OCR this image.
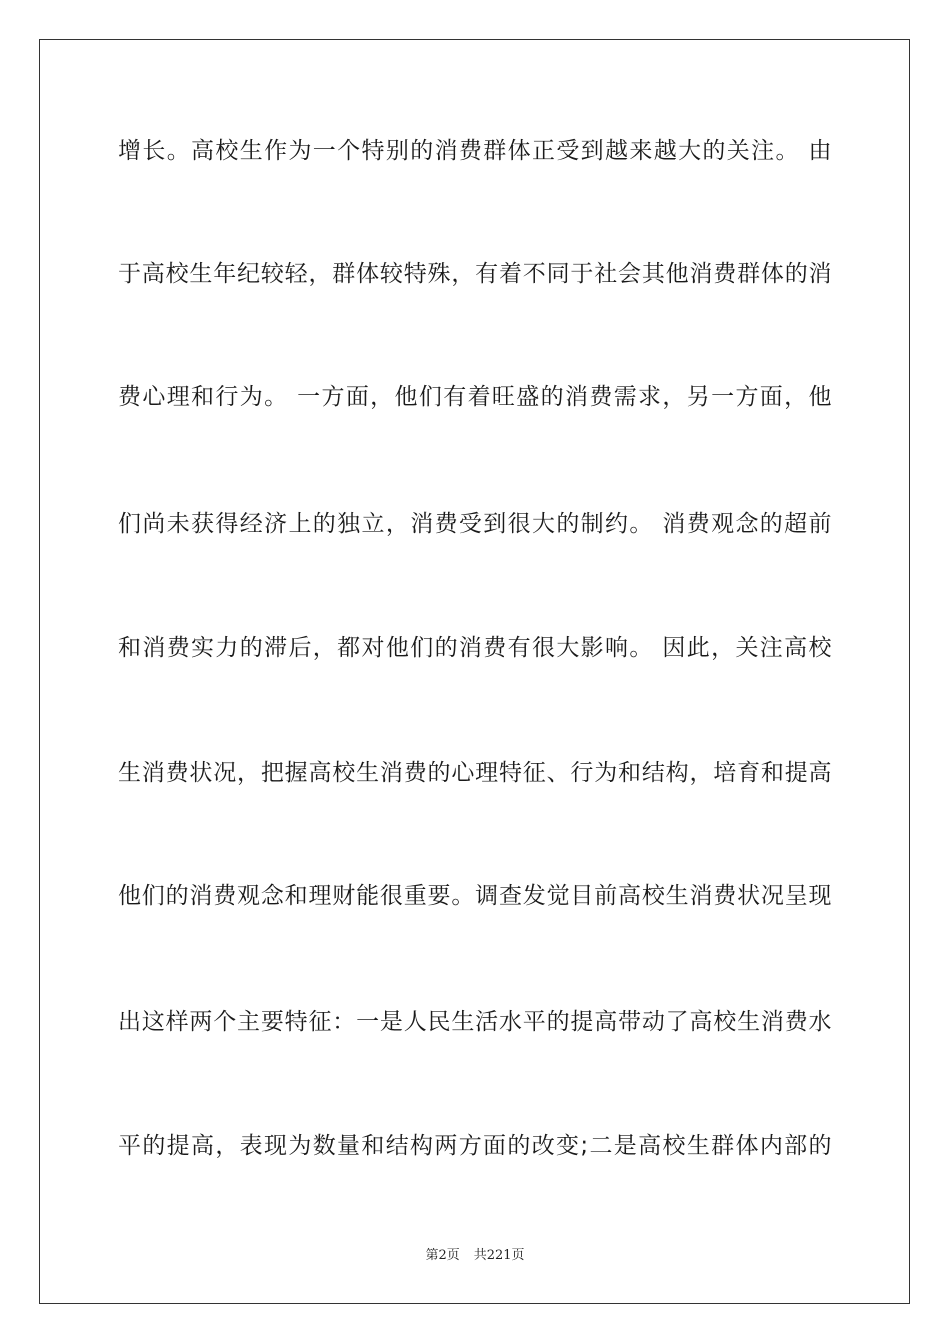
增长。高校生作为一个特别的消费群体正受到越来越大的关注。 由
于高校生年纪较轻，群体较特殊，有着不同于社会其他消费群体的消
费心理和行为。 一方面，他们有着旺盛的消费需求，另一方面，他
们尚未获得经济上的独立，消费受到很大的制约。 消费观念的超前
和消费实力的滞后，都对他们的消费有很大影响。 因此，关注高校
生消费状况，把握高校生消费的心理特征、行为和结构，培育和提高
他们的消费观念和理财能很重要。调查发觉目前高校生消费状况呈现
出这样两个主要特征：一是人民生活水平的提高带动了高校生消费水
平的提高，表现为数量和结构两方面的改变;二是高校生群体内部的
第2页 共221页
